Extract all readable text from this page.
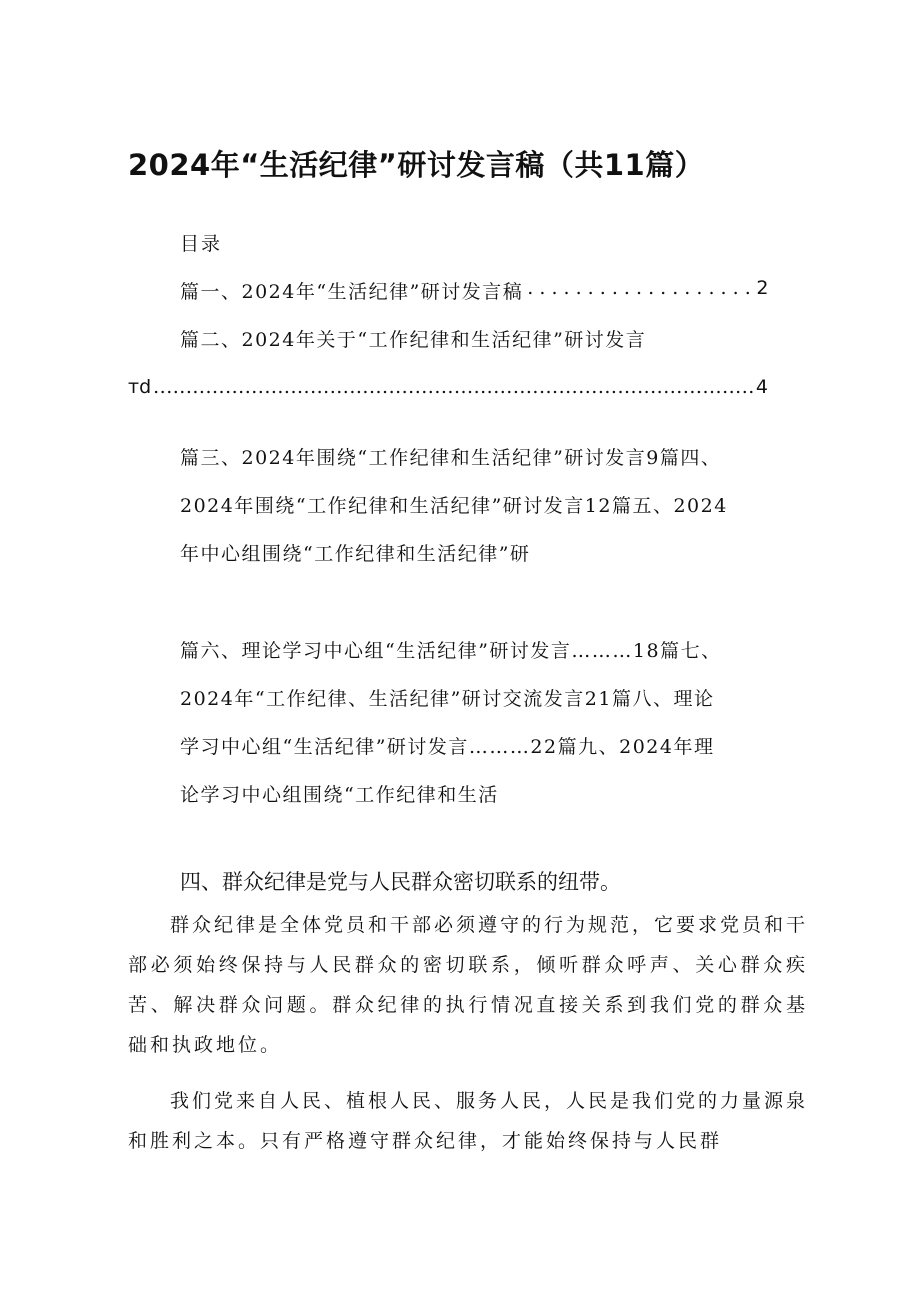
2024年“生活纪律”研讨发言稿（共11篇）
目录
篇一、2024年“生活纪律”研讨发言稿 . . .	2
篇二、2024年关于“工作纪律和生活纪律”研讨发言
тd .....	4
篇三、2024年围绕“工作纪律和生活纪律”研讨发言9篇四、
2024年围绕“工作纪律和生活纪律”研讨发言12篇五、2024
年中心组围绕“工作纪律和生活纪律”研
篇六、理论学习中心组“生活纪律”研讨发言………18篇七、
2024年“工作纪律、生活纪律”研讨交流发言21篇八、理论
学习中心组“生活纪律”研讨发言………22篇九、2024年理
论学习中心组围绕“工作纪律和生活
四、群众纪律是党与人民群众密切联系的纽带。

群众纪律是全体党员和干部必须遵守的行为规范，它要求党员和干部必须始终保持与人民群众的密切联系，倾听群众呼声、关心群众疾苦、解决群众问题。群众纪律的执行情况直接关系到我们党的群众基础和执政地位。

我们党来自人民、植根人民、服务人民，人民是我们党的力量源泉和胜利之本。只有严格遵守群众纪律，才能始终保持与人民群
